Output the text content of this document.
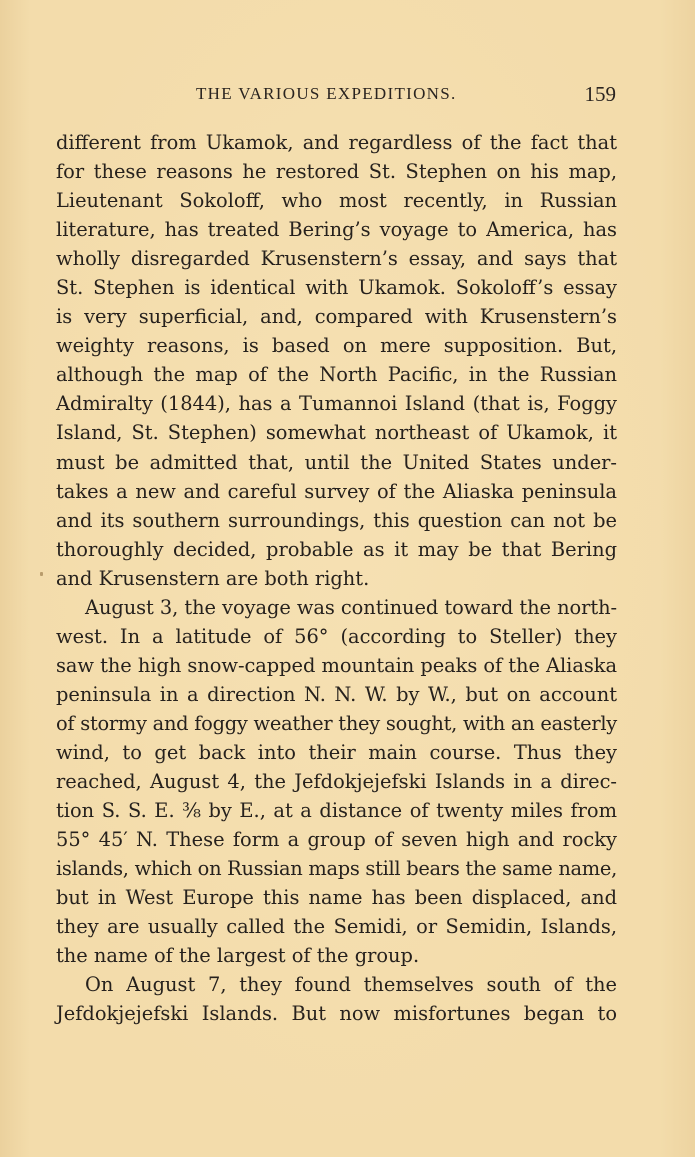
THE VARIOUS EXPEDITIONS.	159
different from Ukamok, and regardless of the fact that
for these reasons he restored St. Stephen on his map,
Lieutenant Sokoloff, who most recently, in Russian
literature, has treated Bering’s voyage to America, has
wholly disregarded Krusenstern’s essay, and says that
St. Stephen is identical with Ukamok. Sokoloff’s essay
is very superficial, and, compared with Krusenstern’s
weighty reasons, is based on mere supposition. But,
although the map of the North Pacific, in the Russian
Admiralty (1844), has a Tumannoi Island (that is, Foggy
Island, St. Stephen) somewhat northeast of Ukamok, it
must be admitted that, until the United States under-
takes a new and careful survey of the Aliaska peninsula
and its southern surroundings, this question can not be
thoroughly decided, probable as it may be that Bering
and Krusenstern are both right.
August 3, the voyage was continued toward the north-
west. In a latitude of 56° (according to Steller) they
saw the high snow-capped mountain peaks of the Aliaska
peninsula in a direction N. N. W. by W., but on account
of stormy and foggy weather they sought, with an easterly
wind, to get back into their main course. Thus they
reached, August 4, the Jefdokjejefski Islands in a direc-
tion S. S. E. ⅜ by E., at a distance of twenty miles from
55° 45′ N. These form a group of seven high and rocky
islands, which on Russian maps still bears the same name,
but in West Europe this name has been displaced, and
they are usually called the Semidi, or Semidin, Islands,
the name of the largest of the group.
On August 7, they found themselves south of the
Jefdokjejefski Islands. But now misfortunes began to
